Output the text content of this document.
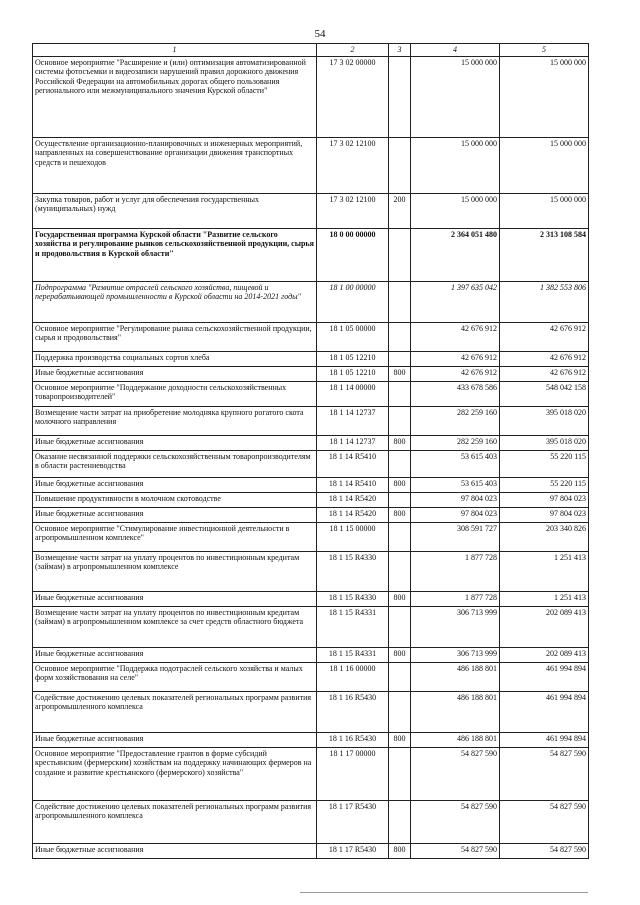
54
1	2	3	4	5
Основное мероприятие "Расширение и (или) оптимизация автоматизированной системы фотосъемки и видеозаписи нарушений правил дорожного движения Российской Федерации на автомобильных дорогах общего пользования регионального или межмуниципального значения Курской области"	17 3 02 00000		15 000 000	15 000 000
Осуществление организационно-планировочных и инженерных мероприятий, направленных на совершенствование организации движения транспортных средств и пешеходов	17 3 02 12100		15 000 000	15 000 000
Закупка товаров, работ и услуг для обеспечения государственных (муниципальных) нужд	17 3 02 12100	200	15 000 000	15 000 000
Государственная программа Курской области "Развитие сельского хозяйства и регулирование рынков сельскохозяйственной продукции, сырья и продовольствия в Курской области"	18 0 00 00000		2 364 051 480	2 313 108 584
Подпрограмма "Развитие отраслей сельского хозяйства, пищевой и перерабатывающей промышленности в Курской области на 2014-2021 годы"	18 1 00 00000		1 397 635 042	1 382 553 806
Основное мероприятие "Регулирование рынка сельскохозяйственной продукции, сырья и продовольствия"	18 1 05 00000		42 676 912	42 676 912
Поддержка производства социальных сортов хлеба	18 1 05 12210		42 676 912	42 676 912
Иные бюджетные ассигнования	18 1 05 12210	800	42 676 912	42 676 912
Основное мероприятие "Поддержание доходности сельскохозяйственных товаропроизводителей"	18 1 14 00000		433 678 586	548 042 158
Возмещение части затрат на приобретение молодняка крупного рогатого скота молочного направления	18 1 14 12737		282 259 160	395 018 020
Иные бюджетные ассигнования	18 1 14 12737	800	282 259 160	395 018 020
Оказание несвязанной поддержки сельскохозяйственным товаропроизводителям в области растениеводства	18 1 14 R5410		53 615 403	55 220 115
Иные бюджетные ассигнования	18 1 14 R5410	800	53 615 403	55 220 115
Повышение продуктивности в молочном скотоводстве	18 1 14 R5420		97 804 023	97 804 023
Иные бюджетные ассигнования	18 1 14 R5420	800	97 804 023	97 804 023
Основное мероприятие "Стимулирование инвестиционной деятельности в агропромышленном комплексе"	18 1 15 00000		308 591 727	203 340 826
Возмещение части затрат на уплату процентов по инвестиционным кредитам (займам) в агропромышленном комплексе	18 1 15 R4330		1 877 728	1 251 413
Иные бюджетные ассигнования	18 1 15 R4330	800	1 877 728	1 251 413
Возмещение части затрат на уплату процентов по инвестиционным кредитам (займам) в агропромышленном комплексе за счет средств областного бюджета	18 1 15 R4331		306 713 999	202 089 413
Иные бюджетные ассигнования	18 1 15 R4331	800	306 713 999	202 089 413
Основное мероприятие "Поддержка подотраслей сельского хозяйства и малых форм хозяйствования на селе"	18 1 16 00000		486 188 801	461 994 894
Содействие достижению целевых показателей региональных программ развития агропромышленного комплекса	18 1 16 R5430		486 188 801	461 994 894
Иные бюджетные ассигнования	18 1 16 R5430	800	486 188 801	461 994 894
Основное мероприятие "Предоставление грантов в форме субсидий крестьянским (фермерским) хозяйствам на поддержку начинающих фермеров на создание и развитие крестьянского (фермерского) хозяйства"	18 1 17 00000		54 827 590	54 827 590
Содействие достижению целевых показателей региональных программ развития агропромышленного комплекса	18 1 17 R5430		54 827 590	54 827 590
Иные бюджетные ассигнования	18 1 17 R5430	800	54 827 590	54 827 590
